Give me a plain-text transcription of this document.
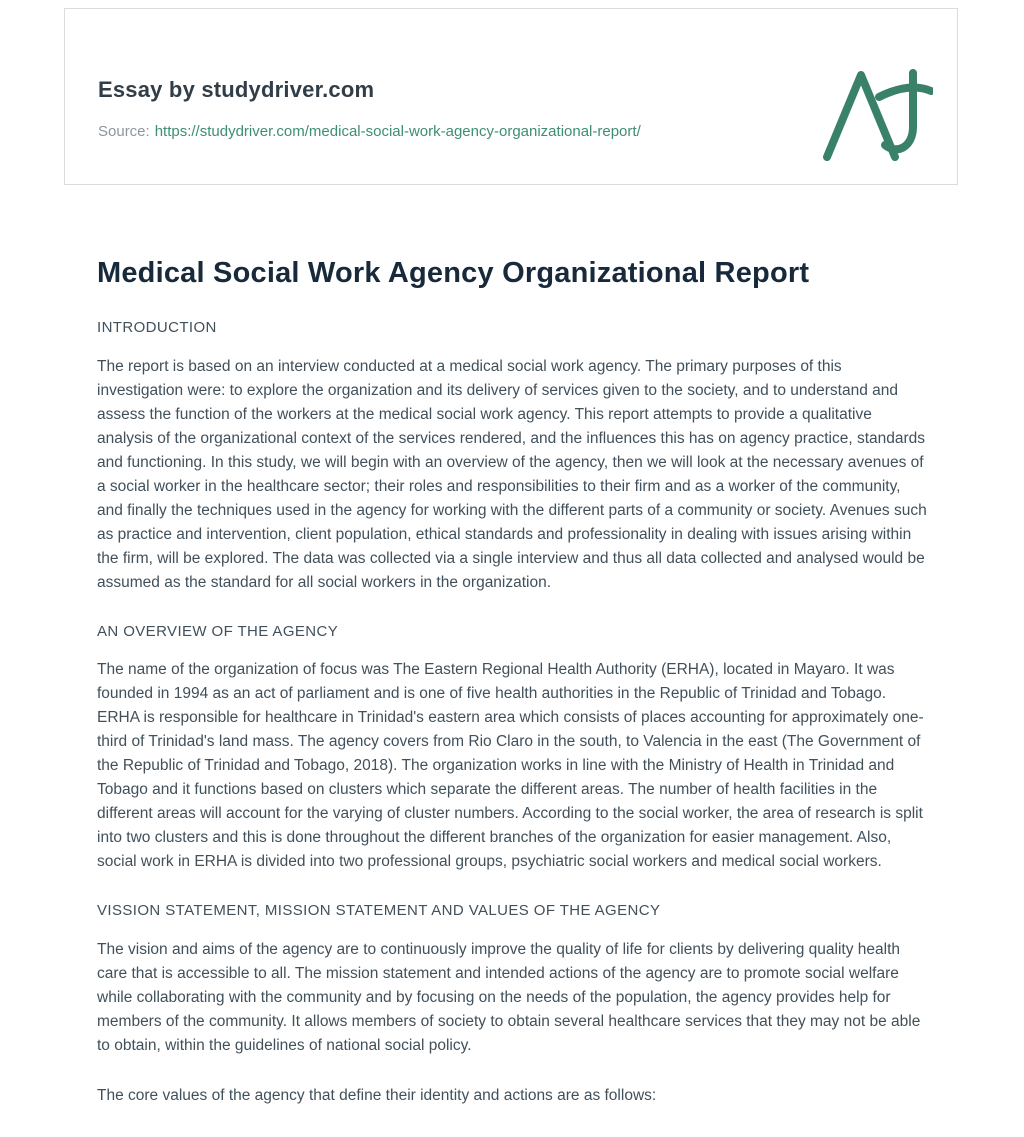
Essay by studydriver.com
Source: https://studydriver.com/medical-social-work-agency-organizational-report/
Medical Social Work Agency Organizational Report
INTRODUCTION

The report is based on an interview conducted at a medical social work agency. The primary purposes of this investigation were: to explore the organization and its delivery of services given to the society, and to understand and assess the function of the workers at the medical social work agency. This report attempts to provide a qualitative analysis of the organizational context of the services rendered, and the influences this has on agency practice, standards and functioning. In this study, we will begin with an overview of the agency, then we will look at the necessary avenues of a social worker in the healthcare sector; their roles and responsibilities to their firm and as a worker of the community, and finally the techniques used in the agency for working with the different parts of a community or society. Avenues such as practice and intervention, client population, ethical standards and professionality in dealing with issues arising within the firm, will be explored. The data was collected via a single interview and thus all data collected and analysed would be assumed as the standard for all social workers in the organization.

AN OVERVIEW OF THE AGENCY

The name of the organization of focus was The Eastern Regional Health Authority (ERHA), located in Mayaro. It was founded in 1994 as an act of parliament and is one of five health authorities in the Republic of Trinidad and Tobago. ERHA is responsible for healthcare in Trinidad's eastern area which consists of places accounting for approximately one-third of Trinidad's land mass. The agency covers from Rio Claro in the south, to Valencia in the east (The Government of the Republic of Trinidad and Tobago, 2018). The organization works in line with the Ministry of Health in Trinidad and Tobago and it functions based on clusters which separate the different areas. The number of health facilities in the different areas will account for the varying of cluster numbers. According to the social worker, the area of research is split into two clusters and this is done throughout the different branches of the organization for easier management. Also, social work in ERHA is divided into two professional groups, psychiatric social workers and medical social workers.

VISSION STATEMENT, MISSION STATEMENT AND VALUES OF THE AGENCY

The vision and aims of the agency are to continuously improve the quality of life for clients by delivering quality health care that is accessible to all. The mission statement and intended actions of the agency are to promote social welfare while collaborating with the community and by focusing on the needs of the population, the agency provides help for members of the community. It allows members of society to obtain several healthcare services that they may not be able to obtain, within the guidelines of national social policy.

The core values of the agency that define their identity and actions are as follows:
